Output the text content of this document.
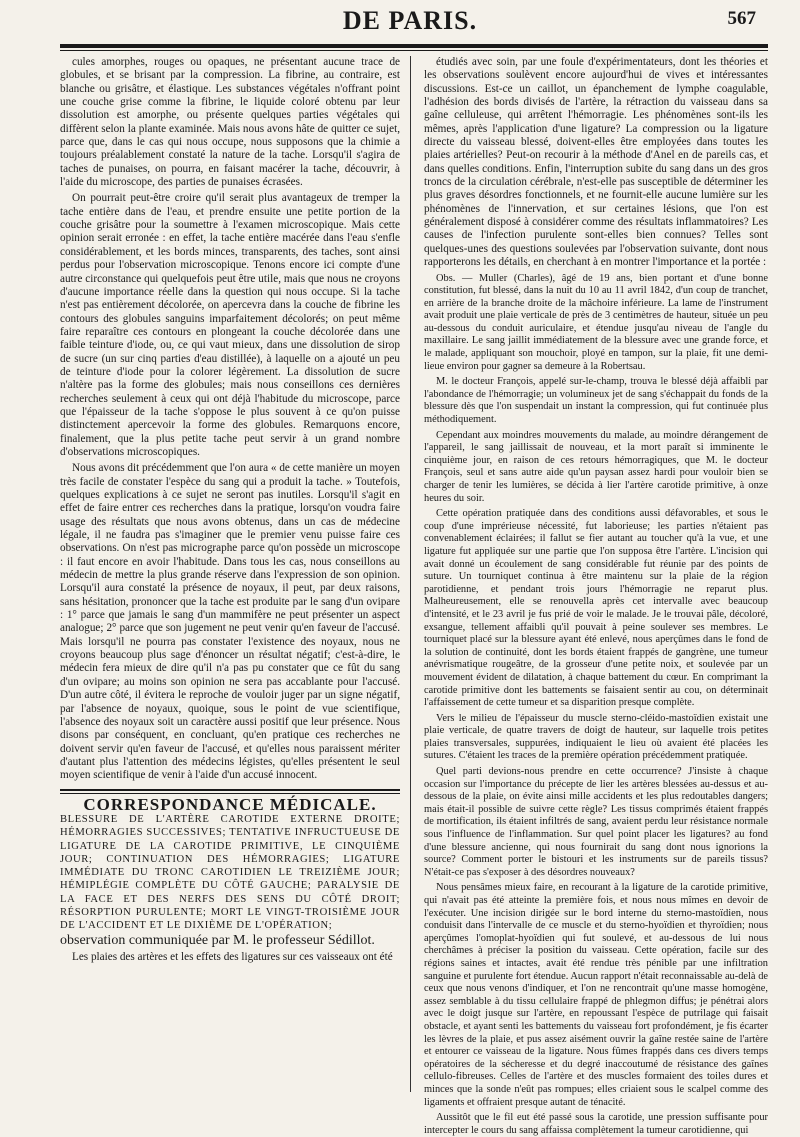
DE PARIS.	567

cules amorphes, rouges ou opaques, ne présentant aucune trace de globules, et se brisant par la compression. La fibrine, au contraire, est blanche ou grisâtre, et élastique. Les substances végétales n'offrant point une couche grise comme la fibrine, le liquide coloré obtenu par leur dissolution est amorphe, ou présente quelques parties végétales qui diffèrent selon la plante examinée. Mais nous avons hâte de quitter ce sujet, parce que, dans le cas qui nous occupe, nous supposons que la chimie a toujours préalablement constaté la nature de la tache. Lorsqu'il s'agira de taches de punaises, on pourra, en faisant macérer la tache, découvrir, à l'aide du microscope, des parties de punaises écrasées.

On pourrait peut-être croire qu'il serait plus avantageux de tremper la tache entière dans de l'eau, et prendre ensuite une petite portion de la couche grisâtre pour la soumettre à l'examen microscopique. Mais cette opinion serait erronée : en effet, la tache entière macérée dans l'eau s'enfle considérablement, et les bords minces, transparents, des taches, sont ainsi perdus pour l'observation microscopique. Tenons encore ici compte d'une autre circonstance qui quelquefois peut être utile, mais que nous ne croyons d'aucune importance réelle dans la question qui nous occupe. Si la tache n'est pas entièrement décolorée, on apercevra dans la couche de fibrine les contours des globules sanguins imparfaitement décolorés; on peut même faire reparaître ces contours en plongeant la couche décolorée dans une faible teinture d'iode, ou, ce qui vaut mieux, dans une dissolution de sirop de sucre (un sur cinq parties d'eau distillée), à laquelle on a ajouté un peu de teinture d'iode pour la colorer légèrement. La dissolution de sucre n'altère pas la forme des globules; mais nous conseillons ces dernières recherches seulement à ceux qui ont déjà l'habitude du microscope, parce que l'épaisseur de la tache s'oppose le plus souvent à ce qu'on puisse distinctement apercevoir la forme des globules. Remarquons encore, finalement, que la plus petite tache peut servir à un grand nombre d'observations microscopiques.

Nous avons dit précédemment que l'on aura « de cette manière un moyen très facile de constater l'espèce du sang qui a produit la tache. » Toutefois, quelques explications à ce sujet ne seront pas inutiles. Lorsqu'il s'agit en effet de faire entrer ces recherches dans la pratique, lorsqu'on voudra faire usage des résultats que nous avons obtenus, dans un cas de médecine légale, il ne faudra pas s'imaginer que le premier venu puisse faire ces observations. On n'est pas micrographe parce qu'on possède un microscope : il faut encore en avoir l'habitude. Dans tous les cas, nous conseillons au médecin de mettre la plus grande réserve dans l'expression de son opinion. Lorsqu'il aura constaté la présence de noyaux, il peut, par deux raisons, sans hésitation, prononcer que la tache est produite par le sang d'un ovipare : 1° parce que jamais le sang d'un mammifère ne peut présenter un aspect analogue; 2° parce que son jugement ne peut venir qu'en faveur de l'accusé. Mais lorsqu'il ne pourra pas constater l'existence des noyaux, nous ne croyons beaucoup plus sage d'énoncer un résultat négatif; c'est-à-dire, le médecin fera mieux de dire qu'il n'a pas pu constater que ce fût du sang d'un ovipare; au moins son opinion ne sera pas accablante pour l'accusé. D'un autre côté, il évitera le reproche de vouloir juger par un signe négatif, par l'absence de noyaux, quoique, sous le point de vue scientifique, l'absence des noyaux soit un caractère aussi positif que leur présence. Nous disons par conséquent, en concluant, qu'en pratique ces recherches ne doivent servir qu'en faveur de l'accusé, et qu'elles nous paraissent mériter d'autant plus l'attention des médecins légistes, qu'elles présentent le seul moyen scientifique de venir à l'aide d'un accusé innocent.

CORRESPONDANCE MÉDICALE.
BLESSURE DE L'ARTÈRE CAROTIDE EXTERNE DROITE; HÉMORRAGIES SUCCESSIVES; TENTATIVE INFRUCTUEUSE DE LIGATURE DE LA CAROTIDE PRIMITIVE, LE CINQUIÈME JOUR; CONTINUATION DES HÉMORRAGIES; LIGATURE IMMÉDIATE DU TRONC CAROTIDIEN LE TREIZIÈME JOUR; HÉMIPLÉGIE COMPLÈTE DU CÔTÉ GAUCHE; PARALYSIE DE LA FACE ET DES NERFS DES SENS DU CÔTÉ DROIT; RÉSORPTION PURULENTE; MORT LE VINGT-TROISIÈME JOUR DE L'ACCIDENT ET LE DIXIÈME DE L'OPÉRATION;
observation communiquée par M. le professeur Sédillot.

Les plaies des artères et les effets des ligatures sur ces vaisseaux ont été

étudiés avec soin, par une foule d'expérimentateurs, dont les théories et les observations soulèvent encore aujourd'hui de vives et intéressantes discussions. Est-ce un caillot, un épanchement de lymphe coagulable, l'adhésion des bords divisés de l'artère, la rétraction du vaisseau dans sa gaîne celluleuse, qui arrêtent l'hémorragie. Les phénomènes sont-ils les mêmes, après l'application d'une ligature? La compression ou la ligature directe du vaisseau blessé, doivent-elles être employées dans toutes les plaies artérielles? Peut-on recourir à la méthode d'Anel en de pareils cas, et dans quelles conditions. Enfin, l'interruption subite du sang dans un des gros troncs de la circulation cérébrale, n'est-elle pas susceptible de déterminer les plus graves désordres fonctionnels, et ne fournit-elle aucune lumière sur les phénomènes de l'innervation, et sur certaines lésions, que l'on est généralement disposé à considérer comme des résultats inflammatoires? Les causes de l'infection purulente sont-elles bien connues? Telles sont quelques-unes des questions soulevées par l'observation suivante, dont nous rapporterons les détails, en cherchant à en montrer l'importance et la portée :

Obs. — Muller (Charles), âgé de 19 ans, bien portant et d'une bonne constitution, fut blessé, dans la nuit du 10 au 11 avril 1842, d'un coup de tranchet, en arrière de la branche droite de la mâchoire inférieure. La lame de l'instrument avait produit une plaie verticale de près de 3 centimètres de hauteur, située un peu au-dessous du conduit auriculaire, et étendue jusqu'au niveau de l'angle du maxillaire. Le sang jaillit immédiatement de la blessure avec une grande force, et le malade, appliquant son mouchoir, ployé en tampon, sur la plaie, fit une demi-lieue environ pour gagner sa demeure à la Robertsau.

M. le docteur François, appelé sur-le-champ, trouva le blessé déjà affaibli par l'abondance de l'hémorragie; un volumineux jet de sang s'échappait du fonds de la blessure dès que l'on suspendait un instant la compression, qui fut continuée plus méthodiquement.

Cependant aux moindres mouvements du malade, au moindre dérangement de l'appareil, le sang jaillissait de nouveau, et la mort paraît si imminente le cinquième jour, en raison de ces retours hémorragiques, que M. le docteur François, seul et sans autre aide qu'un paysan assez hardi pour vouloir bien se charger de tenir les lumières, se décida à lier l'artère carotide primitive, à onze heures du soir.

Cette opération pratiquée dans des conditions aussi défavorables, et sous le coup d'une imprérieuse nécessité, fut laborieuse; les parties n'étaient pas convenablement éclairées; il fallut se fier autant au toucher qu'à la vue, et une ligature fut appliquée sur une partie que l'on supposa être l'artère. L'incision qui avait donné un écoulement de sang considérable fut réunie par des points de suture. Un tourniquet continua à être maintenu sur la plaie de la région parotidienne, et pendant trois jours l'hémorragie ne reparut plus. Malheureusement, elle se renouvella après cet intervalle avec beaucoup d'intensité, et le 23 avril je fus prié de voir le malade. Je le trouvai pâle, décoloré, exsangue, tellement affaibli qu'il pouvait à peine soulever ses membres. Le tourniquet placé sur la blessure ayant été enlevé, nous aperçûmes dans le fond de la solution de continuité, dont les bords étaient frappés de gangrène, une tumeur anévrismatique rougeâtre, de la grosseur d'une petite noix, et soulevée par un mouvement évident de dilatation, à chaque battement du cœur. En comprimant la carotide primitive dont les battements se faisaient sentir au cou, on déterminait l'affaissement de cette tumeur et sa disparition presque complète.

Vers le milieu de l'épaisseur du muscle sterno-cléido-mastoïdien existait une plaie verticale, de quatre travers de doigt de hauteur, sur laquelle trois petites plaies transversales, suppurées, indiquaient le lieu où avaient été placées les sutures. C'étaient les traces de la première opération précédemment pratiquée.

Quel parti devions-nous prendre en cette occurrence? J'insiste à chaque occasion sur l'importance du précepte de lier les artères blessées au-dessus et au-dessous de la plaie, on évite ainsi mille accidents et les plus redoutables dangers; mais était-il possible de suivre cette règle? Les tissus comprimés étaient frappés de mortification, ils étaient infiltrés de sang, avaient perdu leur résistance normale sous l'influence de l'inflammation. Sur quel point placer les ligatures? au fond d'une blessure ancienne, qui nous fournirait du sang dont nous ignorions la source? Comment porter le bistouri et les instruments sur de pareils tissus? N'était-ce pas s'exposer à des désordres nouveaux?

Nous pensâmes mieux faire, en recourant à la ligature de la carotide primitive, qui n'avait pas été atteinte la première fois, et nous nous mîmes en devoir de l'exécuter. Une incision dirigée sur le bord interne du sterno-mastoïdien, nous conduisit dans l'intervalle de ce muscle et du sterno-hyoïdien et thyroïdien; nous aperçûmes l'omoplat-hyoïdien qui fut soulevé, et au-dessous de lui nous cherchâmes à préciser la position du vaisseau. Cette opération, facile sur des régions saines et intactes, avait été rendue très pénible par une infiltration sanguine et purulente fort étendue. Aucun rapport n'était reconnaissable au-delà de ceux que nous venons d'indiquer, et l'on ne rencontrait qu'une masse homogène, assez semblable à du tissu cellulaire frappé de phlegmon diffus; je pénétrai alors avec le doigt jusque sur l'artère, en repoussant l'espèce de putrilage qui faisait obstacle, et ayant senti les battements du vaisseau fort profondément, je fis écarter les lèvres de la plaie, et pus assez aisément ouvrir la gaîne restée saine de l'artère et entourer ce vaisseau de la ligature. Nous fûmes frappés dans ces divers temps opératoires de la sécheresse et du degré inaccoutumé de résistance des gaînes cellulo-fibreuses. Celles de l'artère et des muscles formaient des toiles dures et minces que la sonde n'eût pas rompues; elles criaient sous le scalpel comme des ligaments et offraient presque autant de ténacité.

Aussitôt que le fil eut été passé sous la carotide, une pression suffisante pour intercepter le cours du sang affaissa complètement la tumeur carotidienne, qui
